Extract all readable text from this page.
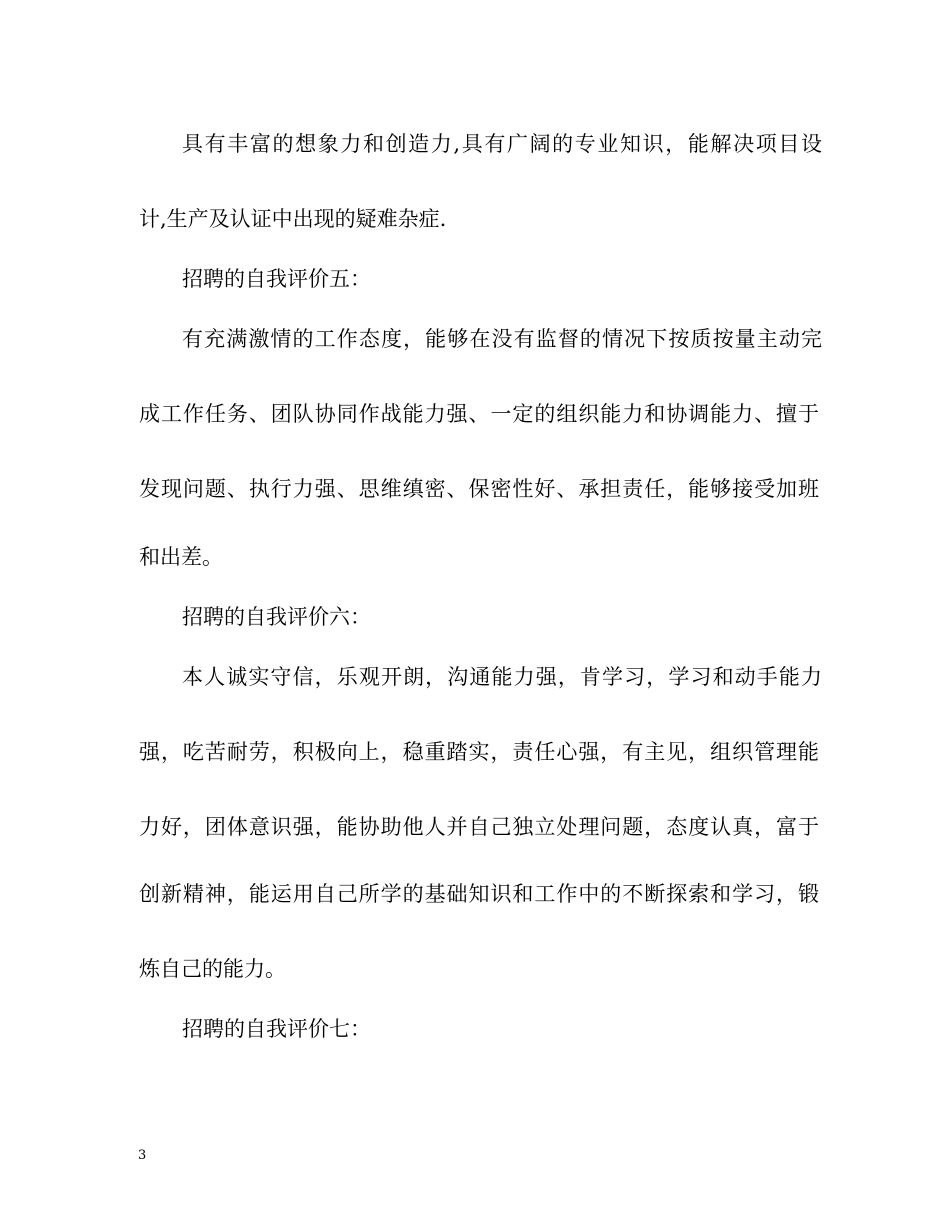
具有丰富的想象力和创造力,具有广阔的专业知识，能解决项目设
计,生产及认证中出现的疑难杂症.
招聘的自我评价五：
有充满激情的工作态度，能够在没有监督的情况下按质按量主动完
成工作任务、团队协同作战能力强、一定的组织能力和协调能力、擅于
发现问题、执行力强、思维缜密、保密性好、承担责任，能够接受加班
和出差。
招聘的自我评价六：
本人诚实守信，乐观开朗，沟通能力强，肯学习，学习和动手能力
强，吃苦耐劳，积极向上，稳重踏实，责任心强，有主见，组织管理能
力好，团体意识强，能协助他人并自己独立处理问题，态度认真，富于
创新精神，能运用自己所学的基础知识和工作中的不断探索和学习，锻
炼自己的能力。
招聘的自我评价七：
3
